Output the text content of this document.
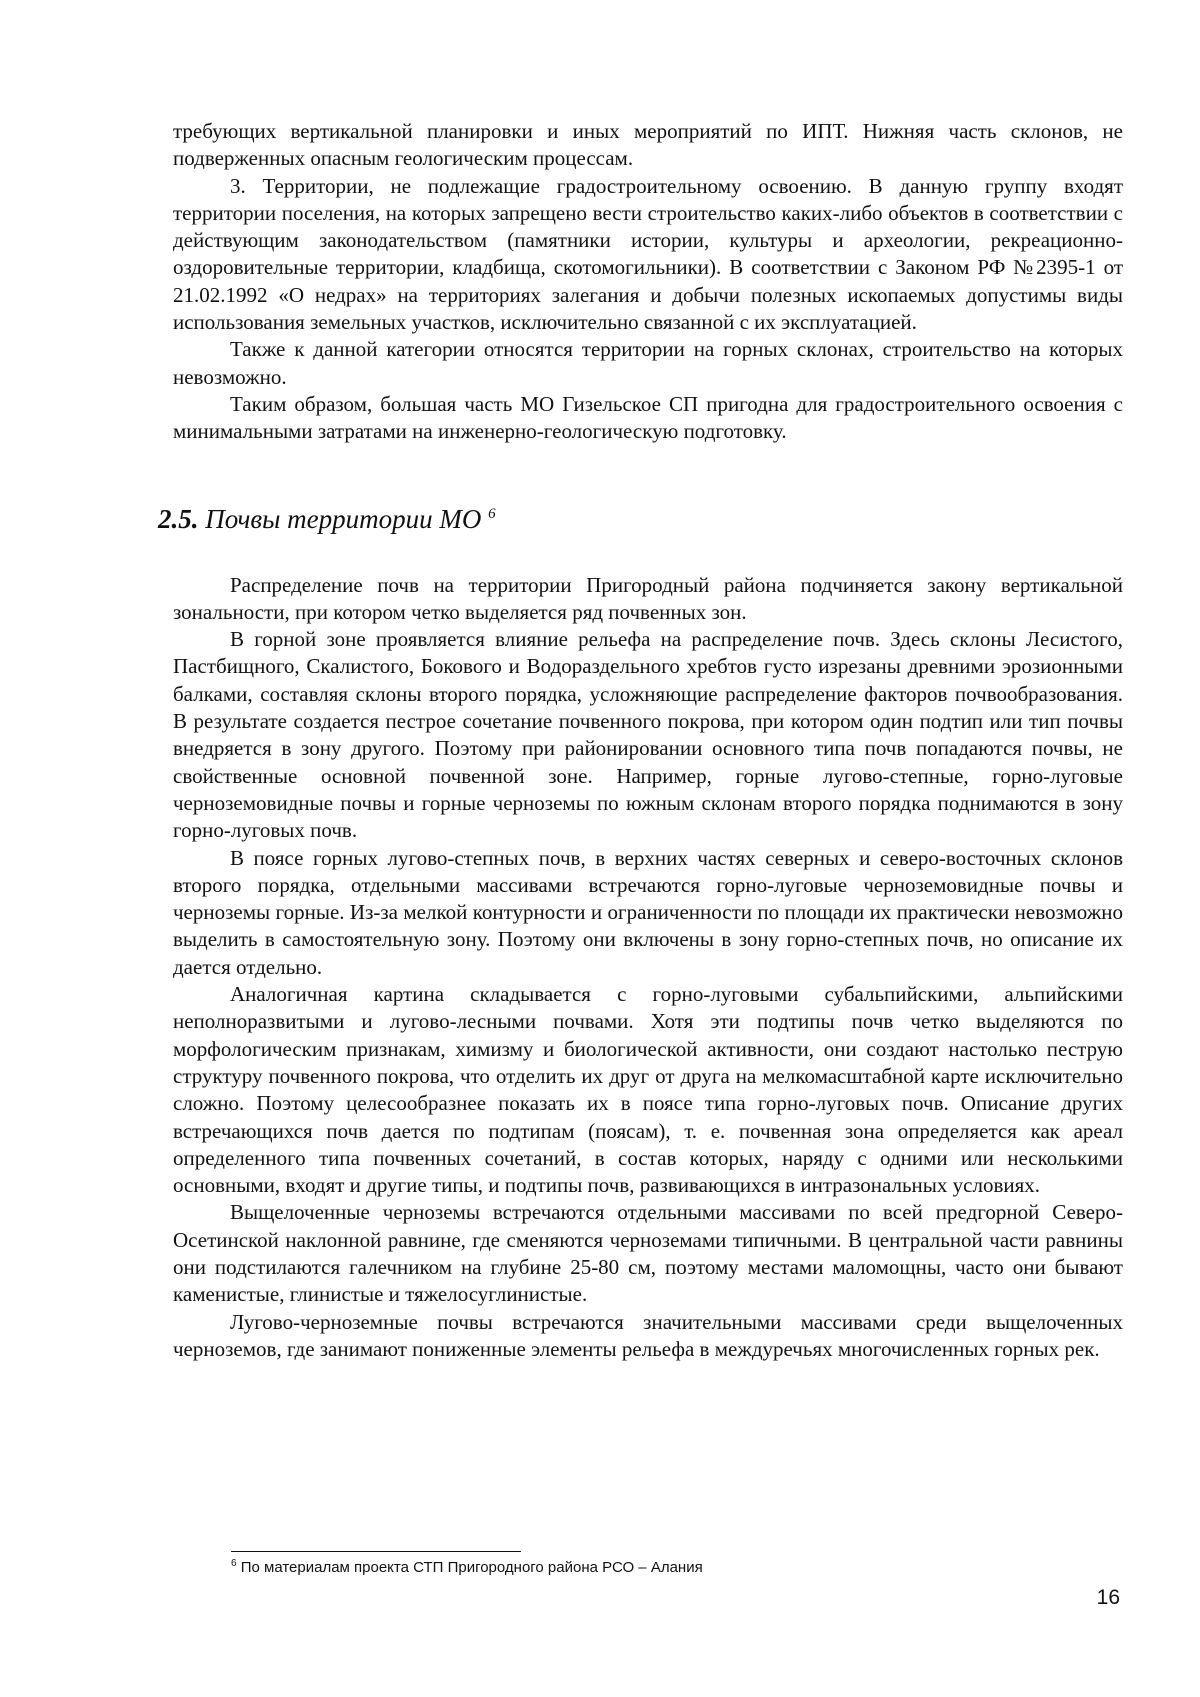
требующих вертикальной планировки и иных мероприятий по ИПТ. Нижняя часть склонов, не подверженных опасным геологическим процессам.

3. Территории, не подлежащие градостроительному освоению. В данную группу входят территории поселения, на которых запрещено вести строительство каких-либо объектов в соответствии с действующим законодательством (памятники истории, культуры и археологии, рекреационно-оздоровительные территории, кладбища, скотомогильники). В соответствии с Законом РФ №2395-1 от 21.02.1992 «О недрах» на территориях залегания и добычи полезных ископаемых допустимы виды использования земельных участков, исключительно связанной с их эксплуатацией.

Также к данной категории относятся территории на горных склонах, строительство на которых невозможно.

Таким образом, большая часть МО Гизельское СП пригодна для градостроительного освоения с минимальными затратами на инженерно-геологическую подготовку.

2.5. Почвы территории МО $^6$

Распределение почв на территории Пригородный района подчиняется закону вертикальной зональности, при котором четко выделяется ряд почвенных зон.

В горной зоне проявляется влияние рельефа на распределение почв. Здесь склоны Лесистого, Пастбищного, Скалистого, Бокового и Водораздельного хребтов густо изрезаны древними эрозионными балками, составляя склоны второго порядка, усложняющие распределение факторов почвообразования. В результате создается пестрое сочетание почвенного покрова, при котором один подтип или тип почвы внедряется в зону другого. Поэтому при районировании основного типа почв попадаются почвы, не свойственные основной почвенной зоне. Например, горные лугово-степные, горно-луговые черноземовидные почвы и горные черноземы по южным склонам второго порядка поднимаются в зону горно-луговых почв.

В поясе горных лугово-степных почв, в верхних частях северных и северо-восточных склонов второго порядка, отдельными массивами встречаются горно-луговые черноземовидные почвы и черноземы горные. Из-за мелкой контурности и ограниченности по площади их практически невозможно выделить в самостоятельную зону. Поэтому они включены в зону горно-степных почв, но описание их дается отдельно.

Аналогичная картина складывается с горно-луговыми субальпийскими, альпийскими неполноразвитыми и лугово-лесными почвами. Хотя эти подтипы почв четко выделяются по морфологическим признакам, химизму и биологической активности, они создают настолько пеструю структуру почвенного покрова, что отделить их друг от друга на мелкомасштабной карте исключительно сложно. Поэтому целесообразнее показать их в поясе типа горно-луговых почв. Описание других встречающихся почв дается по подтипам (поясам), т. е. почвенная зона определяется как ареал определенного типа почвенных сочетаний, в состав которых, наряду с одними или несколькими основными, входят и другие типы, и подтипы почв, развивающихся в интразональных условиях.

Выщелоченные черноземы встречаются отдельными массивами по всей предгорной Северо-Осетинской наклонной равнине, где сменяются черноземами типичными. В центральной части равнины они подстилаются галечником на глубине 25-80 см, поэтому местами маломощны, часто они бывают каменистые, глинистые и тяжелосуглинистые.

Лугово-черноземные почвы встречаются значительными массивами среди выщелоченных черноземов, где занимают пониженные элементы рельефа в междуречьях многочисленных горных рек.

$^6$ По материалам проекта СТП Пригородного района РСО – Алания
16
